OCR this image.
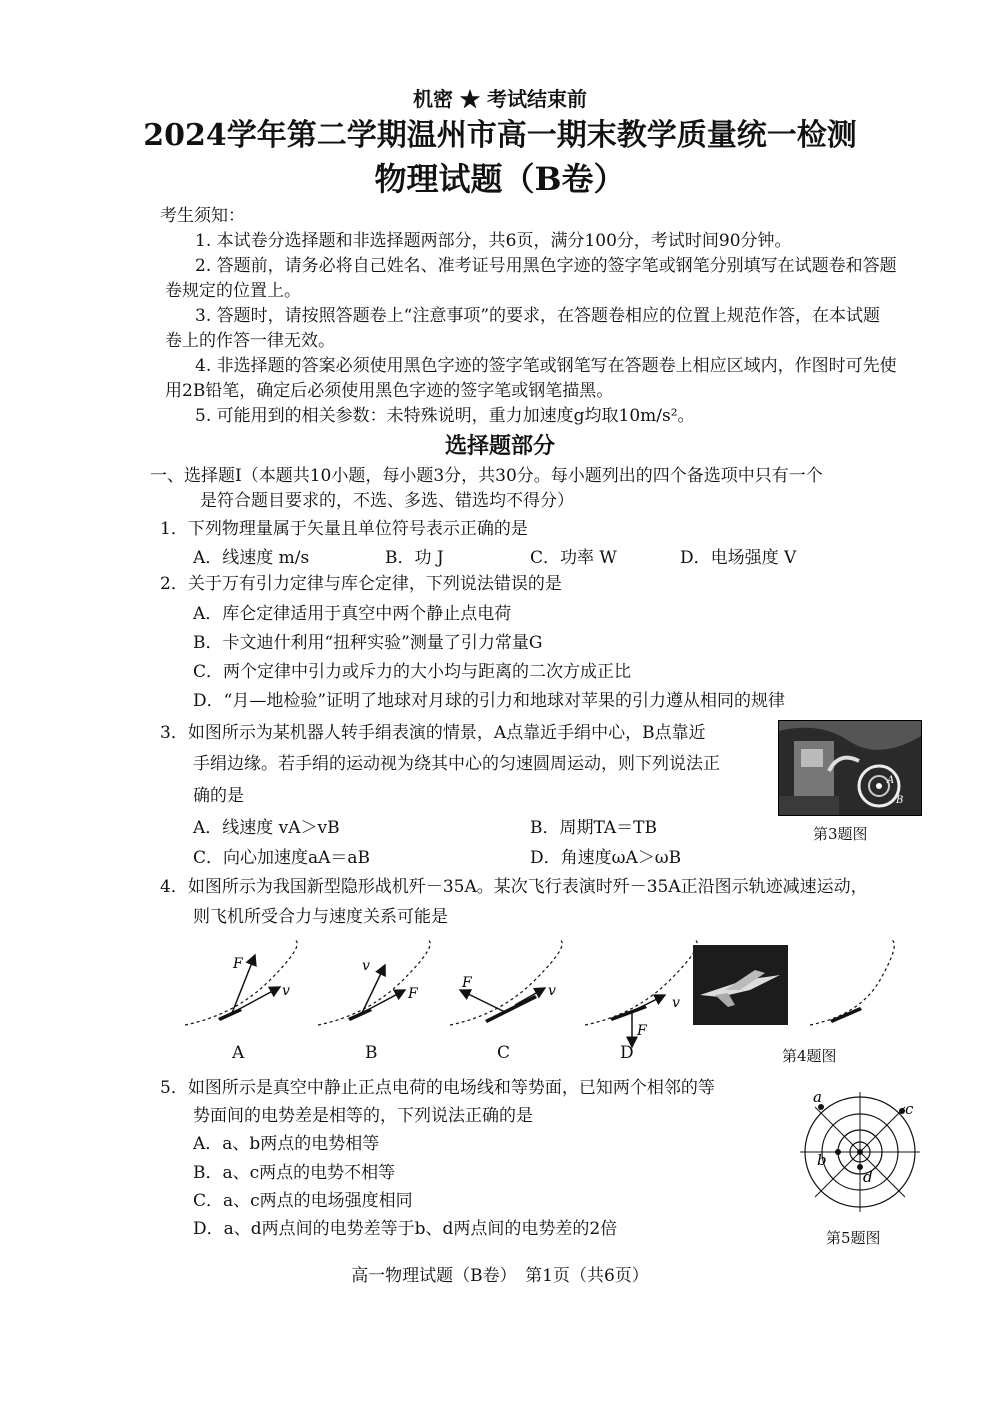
机密 ★ 考试结束前
2024学年第二学期温州市高一期末教学质量统一检测
物理试题（B卷）
考生须知：
1. 本试卷分选择题和非选择题两部分，共6页，满分100分，考试时间90分钟。
2. 答题前，请务必将自己姓名、准考证号用黑色字迹的签字笔或钢笔分别填写在试题卷和答题
卷规定的位置上。
3. 答题时，请按照答题卷上“注意事项”的要求，在答题卷相应的位置上规范作答，在本试题
卷上的作答一律无效。
4. 非选择题的答案必须使用黑色字迹的签字笔或钢笔写在答题卷上相应区域内，作图时可先使
用2B铅笔，确定后必须使用黑色字迹的签字笔或钢笔描黑。
5. 可能用到的相关参数：未特殊说明，重力加速度g均取10m/s²。
选择题部分
一、选择题Ⅰ（本题共10小题，每小题3分，共30分。每小题列出的四个备选项中只有一个
是符合题目要求的，不选、多选、错选均不得分）
1．下列物理量属于矢量且单位符号表示正确的是
A．线速度 m/s	B．功 J	C．功率 W	D．电场强度 V
2．关于万有引力定律与库仑定律，下列说法错误的是
A．库仑定律适用于真空中两个静止点电荷
B．卡文迪什利用“扭秤实验”测量了引力常量G
C．两个定律中引力或斥力的大小均与距离的二次方成正比
D．“月—地检验”证明了地球对月球的引力和地球对苹果的引力遵从相同的规律
3．如图所示为某机器人转手绢表演的情景，A点靠近手绢中心，B点靠近
手绢边缘。若手绢的运动视为绕其中心的匀速圆周运动，则下列说法正
确的是
A．线速度 vA＞vB	B．周期TA＝TB
C．向心加速度aA＝aB	D．角速度ωA＞ωB
A
B
第3题图
4．如图所示为我国新型隐形战机歼－35A。某次飞行表演时歼－35A正沿图示轨迹减速运动，
则飞机所受合力与速度关系可能是
F
v
v
F
F	v
F
v
A	B	C	D	第4题图
5．如图所示是真空中静止正点电荷的电场线和等势面，已知两个相邻的等
势面间的电势差是相等的，下列说法正确的是
A．a、b两点的电势相等
B．a、c两点的电势不相等
C．a、c两点的电场强度相同
D．a、d两点间的电势差等于b、d两点间的电势差的2倍
a
b
c
d
第5题图
高一物理试题（B卷）　第1页（共6页）
